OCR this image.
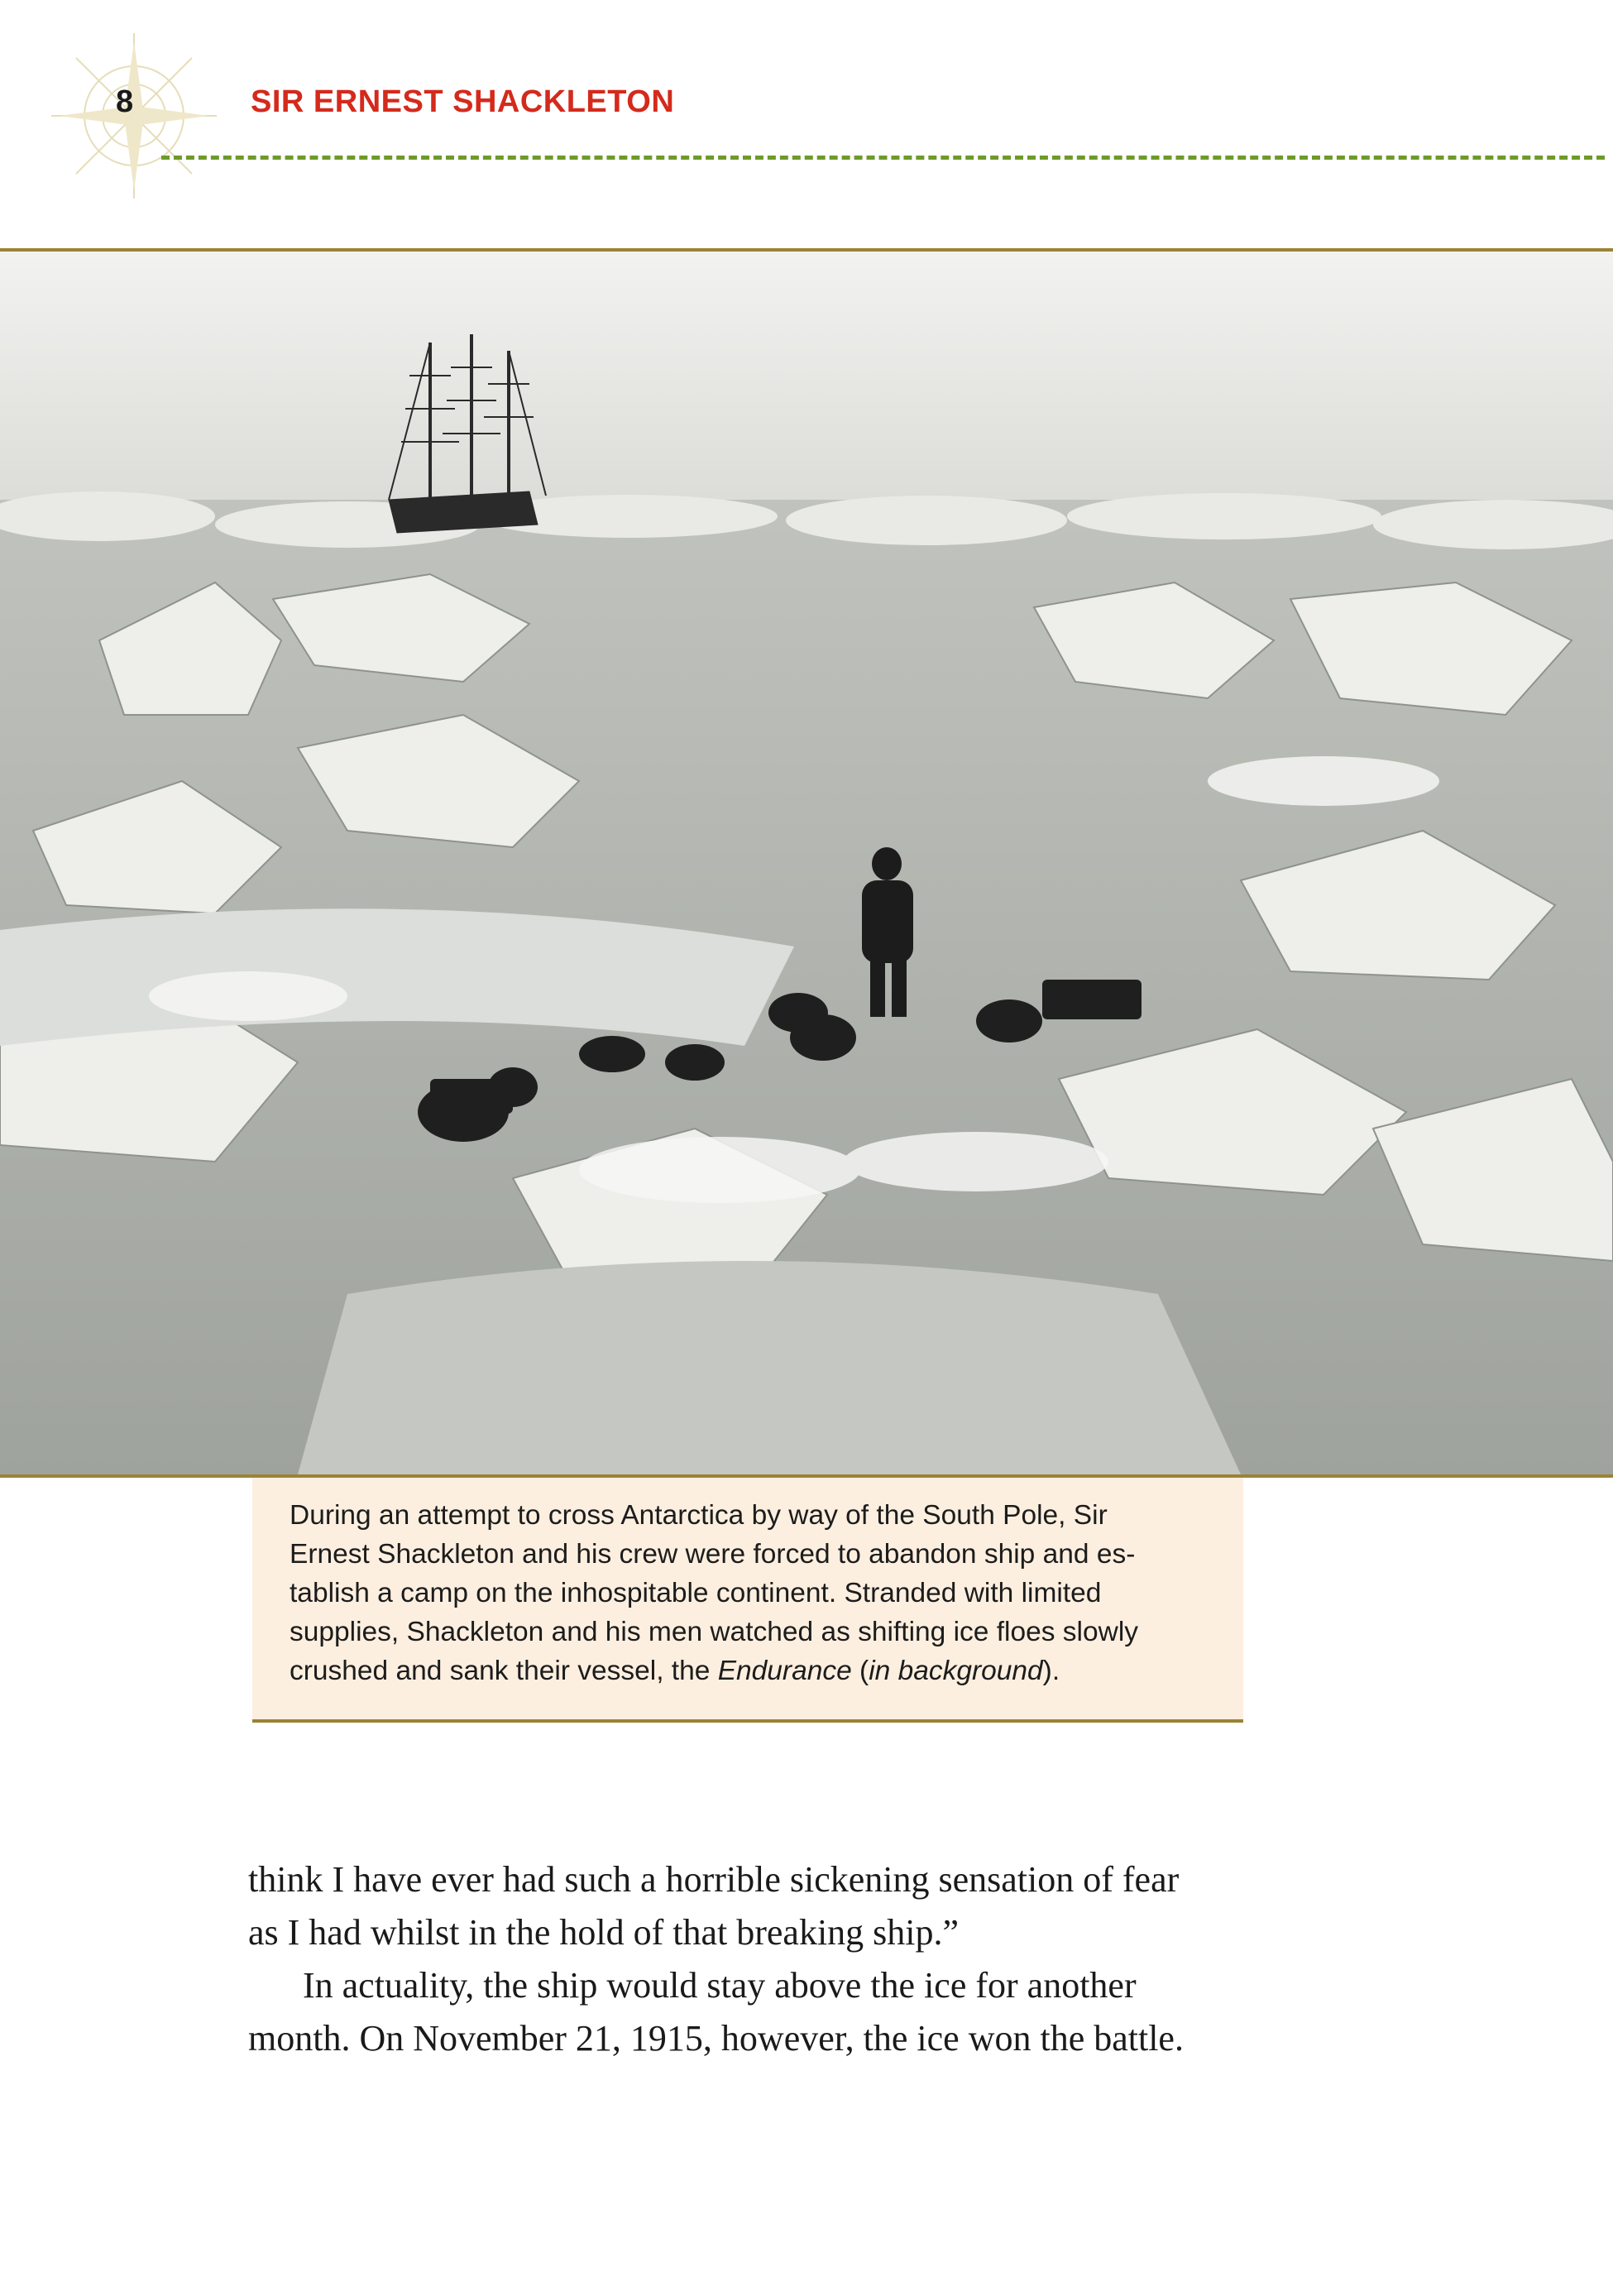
8	SIR ERNEST SHACKLETON
During an attempt to cross Antarctica by way of the South Pole, Sir
Ernest Shackleton and his crew were forced to abandon ship and es-
tablish a camp on the inhospitable continent. Stranded with limited
supplies, Shackleton and his men watched as shifting ice floes slowly
crushed and sank their vessel, the Endurance (in background).
think I have ever had such a horrible sickening sensation of fear
as I had whilst in the hold of that breaking ship.”
In actuality, the ship would stay above the ice for another
month. On November 21, 1915, however, the ice won the battle.
